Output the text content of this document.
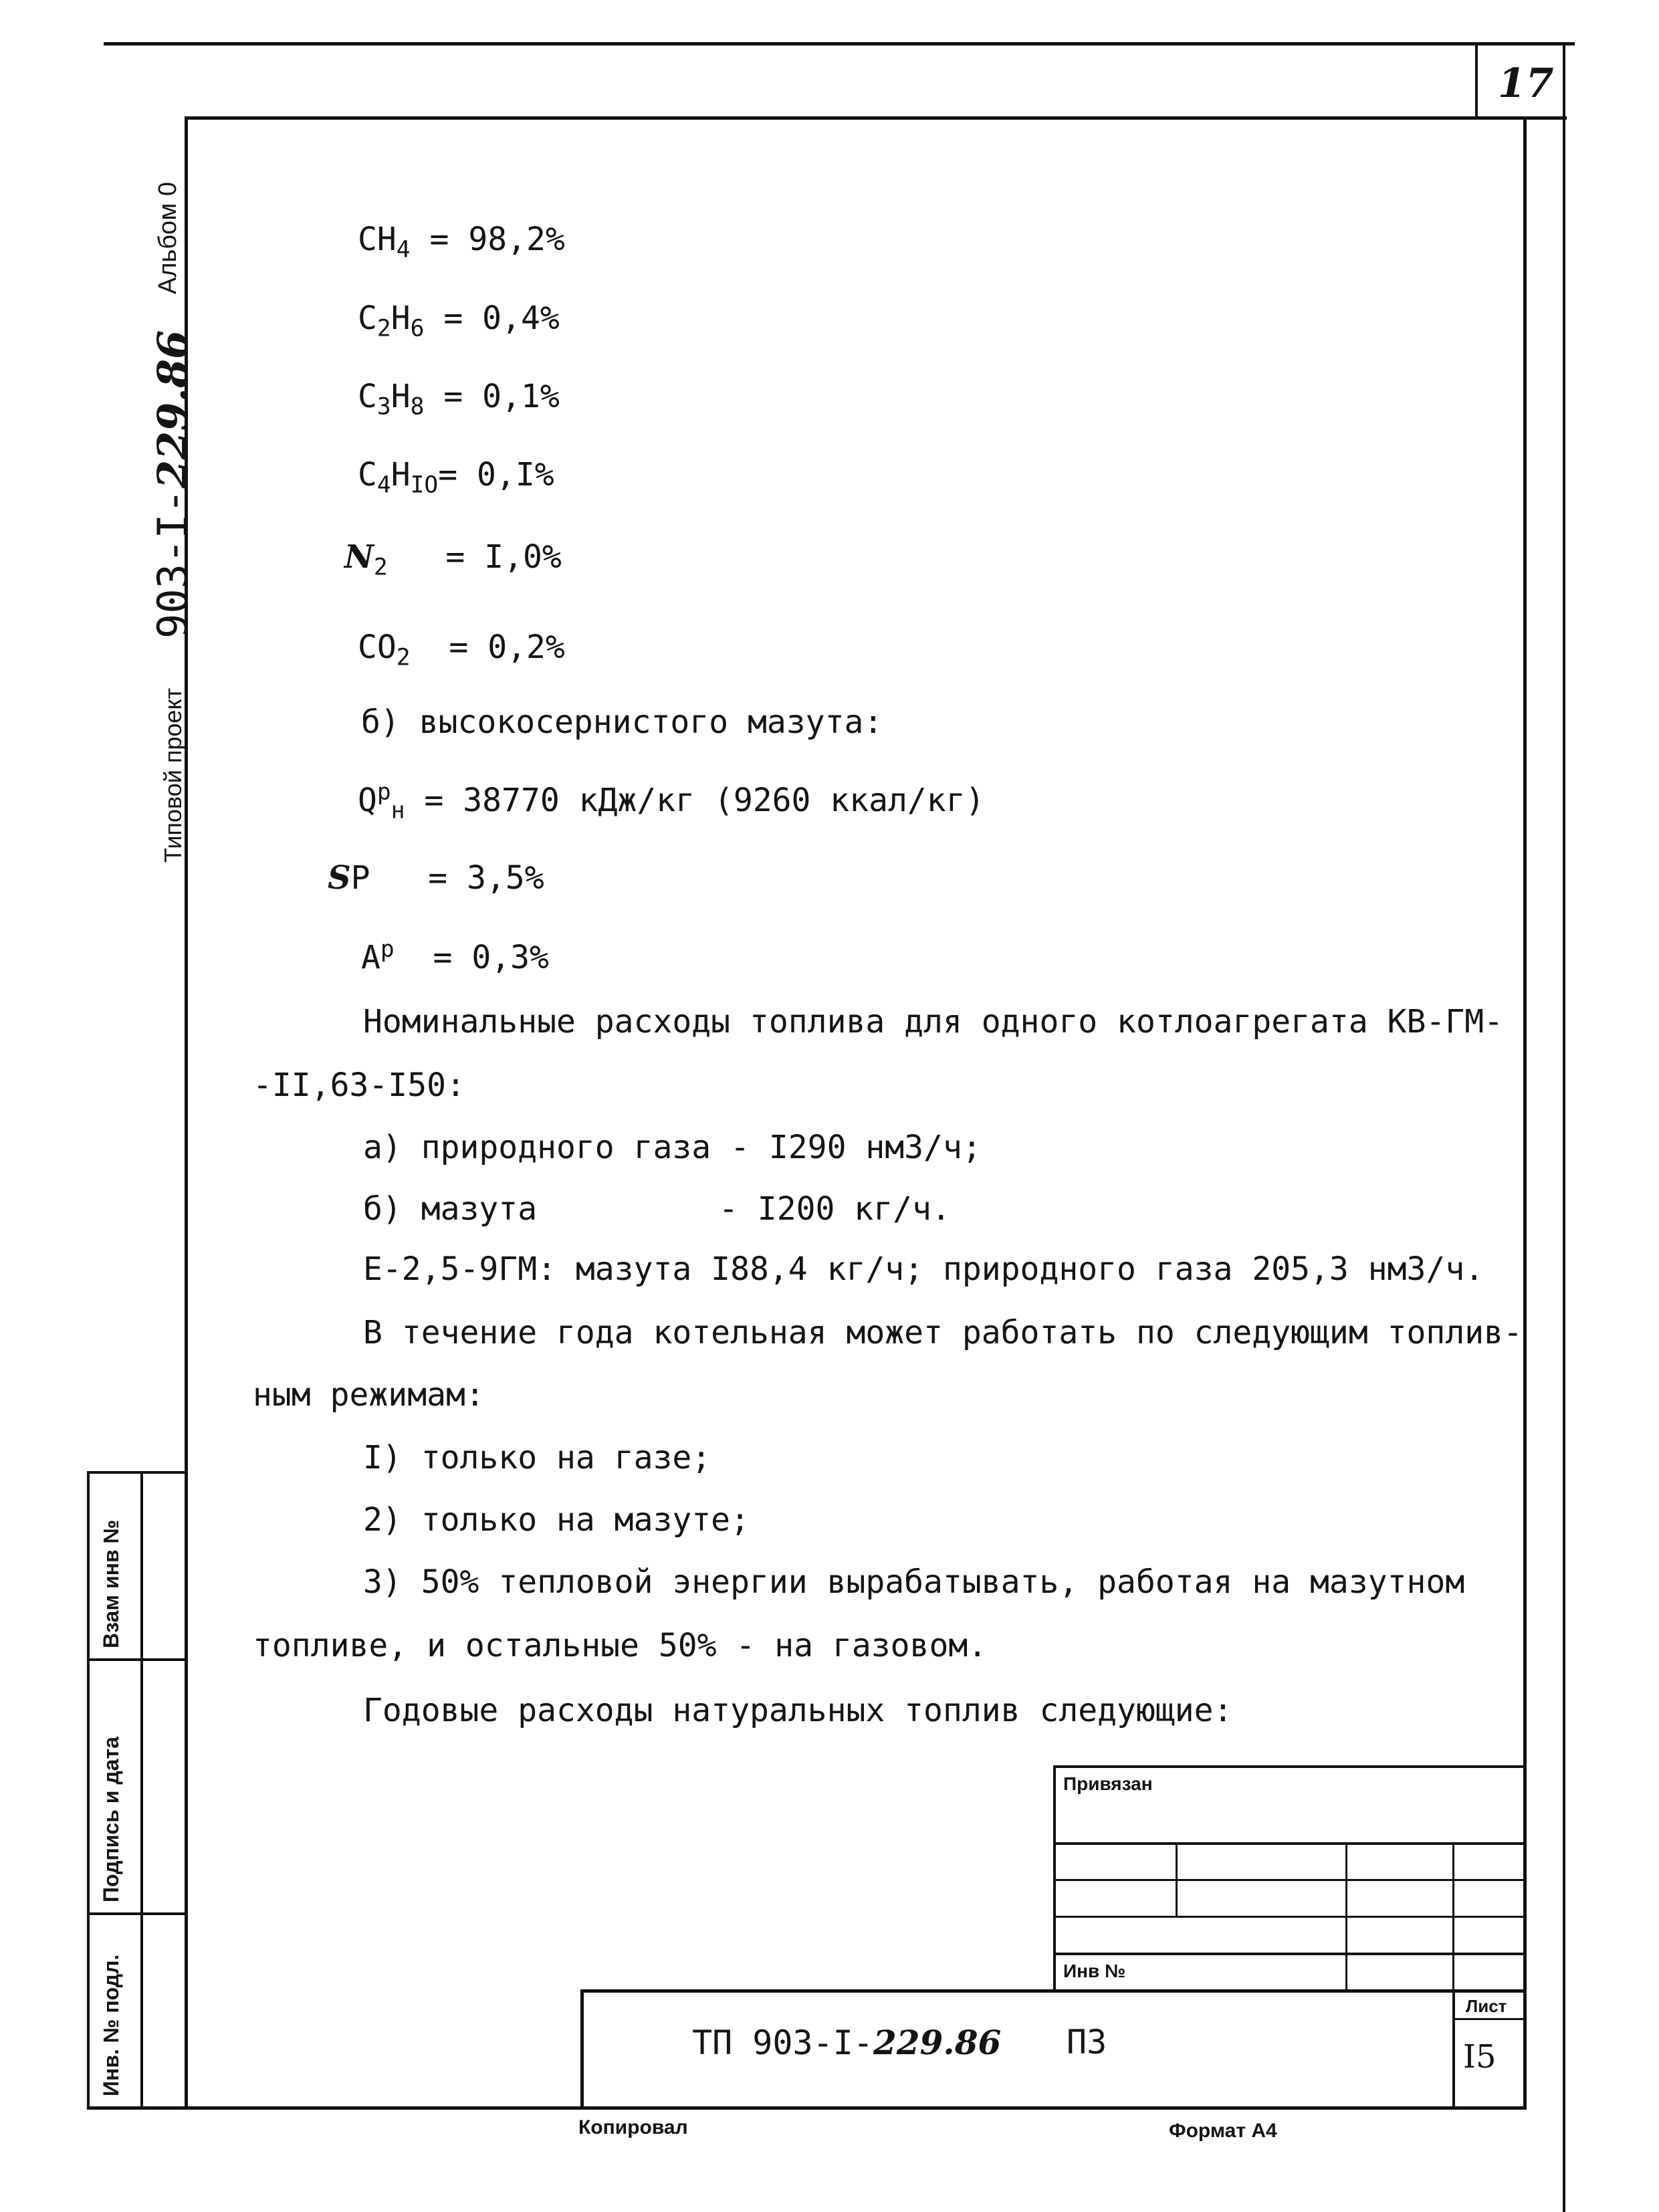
17
Альбом 0
Типовой проект
903-I-229.86
Инв. № подл.
Подпись и дата
Взам инв №
$CH_4 = 98,2\%$
$C_2H_6 = 0,4\%$
$C_3H_8 = 0,1\%$
$C_4H_{IO}= 0,I\%$
$N_2 = I,0\%$
$CO_2 = 0,2\%$
б) высокосернистого мазута:
$Q^р_н = 38770$ кДж/кг (9260 ккал/кг)
SP = 3,5%
$A^p = 0,3\%$
Номинальные расходы топлива для одного котлоагрегата КВ-ГМ-
-II,63-I50:
а) природного газа - I290 нм3/ч;
б) мазута	- I200 кг/ч.
Е-2,5-9ГМ: мазута I88,4 кг/ч; природного газа 205,3 нм3/ч.
В течение года котельная может работать по следующим топлив-
ным режимам:
I) только на газе;
2) только на мазуте;
3) 50% тепловой энергии вырабатывать, работая на мазутном
топливе, и остальные 50% - на газовом.
Годовые расходы натуральных топлив следующие:
Привязан
Инв №
Лист
I5
ТП 903-I-229.86 ПЗ
Копировал	Формат А4
